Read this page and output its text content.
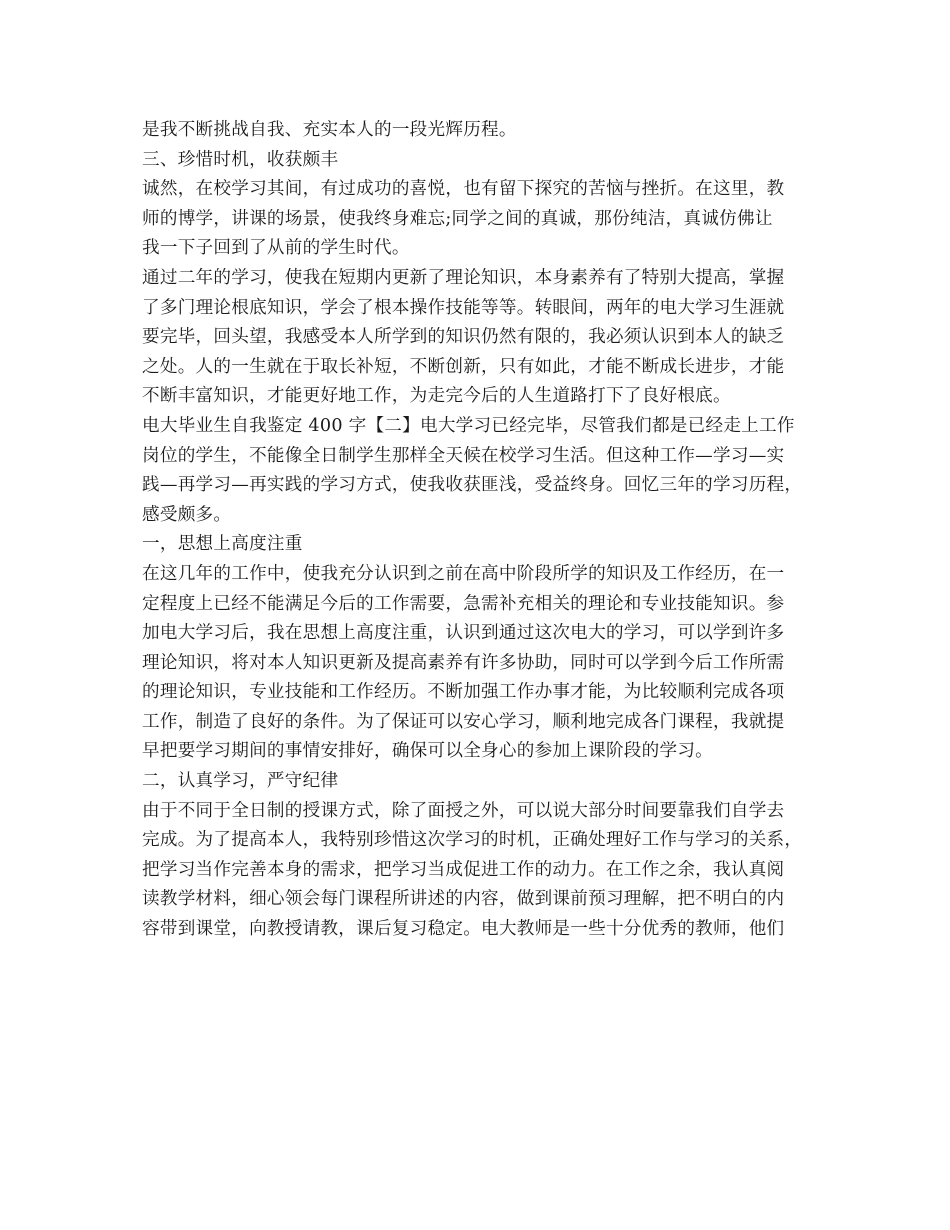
是我不断挑战自我、充实本人的一段光辉历程。
三、珍惜时机，收获颇丰
诚然，在校学习其间，有过成功的喜悦，也有留下探究的苦恼与挫折。在这里，教
师的博学，讲课的场景，使我终身难忘;同学之间的真诚，那份纯洁，真诚仿佛让
我一下子回到了从前的学生时代。
通过二年的学习，使我在短期内更新了理论知识，本身素养有了特别大提高，掌握
了多门理论根底知识，学会了根本操作技能等等。转眼间，两年的电大学习生涯就
要完毕，回头望，我感受本人所学到的知识仍然有限的，我必须认识到本人的缺乏
之处。人的一生就在于取长补短，不断创新，只有如此，才能不断成长进步，才能
不断丰富知识，才能更好地工作，为走完今后的人生道路打下了良好根底。
电大毕业生自我鉴定 400 字【二】电大学习已经完毕，尽管我们都是已经走上工作
岗位的学生，不能像全日制学生那样全天候在校学习生活。但这种工作—学习—实
践—再学习—再实践的学习方式，使我收获匪浅，受益终身。回忆三年的学习历程，
感受颇多。
一，思想上高度注重
在这几年的工作中，使我充分认识到之前在高中阶段所学的知识及工作经历，在一
定程度上已经不能满足今后的工作需要，急需补充相关的理论和专业技能知识。参
加电大学习后，我在思想上高度注重，认识到通过这次电大的学习，可以学到许多
理论知识，将对本人知识更新及提高素养有许多协助，同时可以学到今后工作所需
的理论知识，专业技能和工作经历。不断加强工作办事才能，为比较顺利完成各项
工作，制造了良好的条件。为了保证可以安心学习，顺利地完成各门课程，我就提
早把要学习期间的事情安排好，确保可以全身心的参加上课阶段的学习。
二，认真学习，严守纪律
由于不同于全日制的授课方式，除了面授之外，可以说大部分时间要靠我们自学去
完成。为了提高本人，我特别珍惜这次学习的时机，正确处理好工作与学习的关系，
把学习当作完善本身的需求，把学习当成促进工作的动力。在工作之余，我认真阅
读教学材料，细心领会每门课程所讲述的内容，做到课前预习理解，把不明白的内
容带到课堂，向教授请教，课后复习稳定。电大教师是一些十分优秀的教师，他们
